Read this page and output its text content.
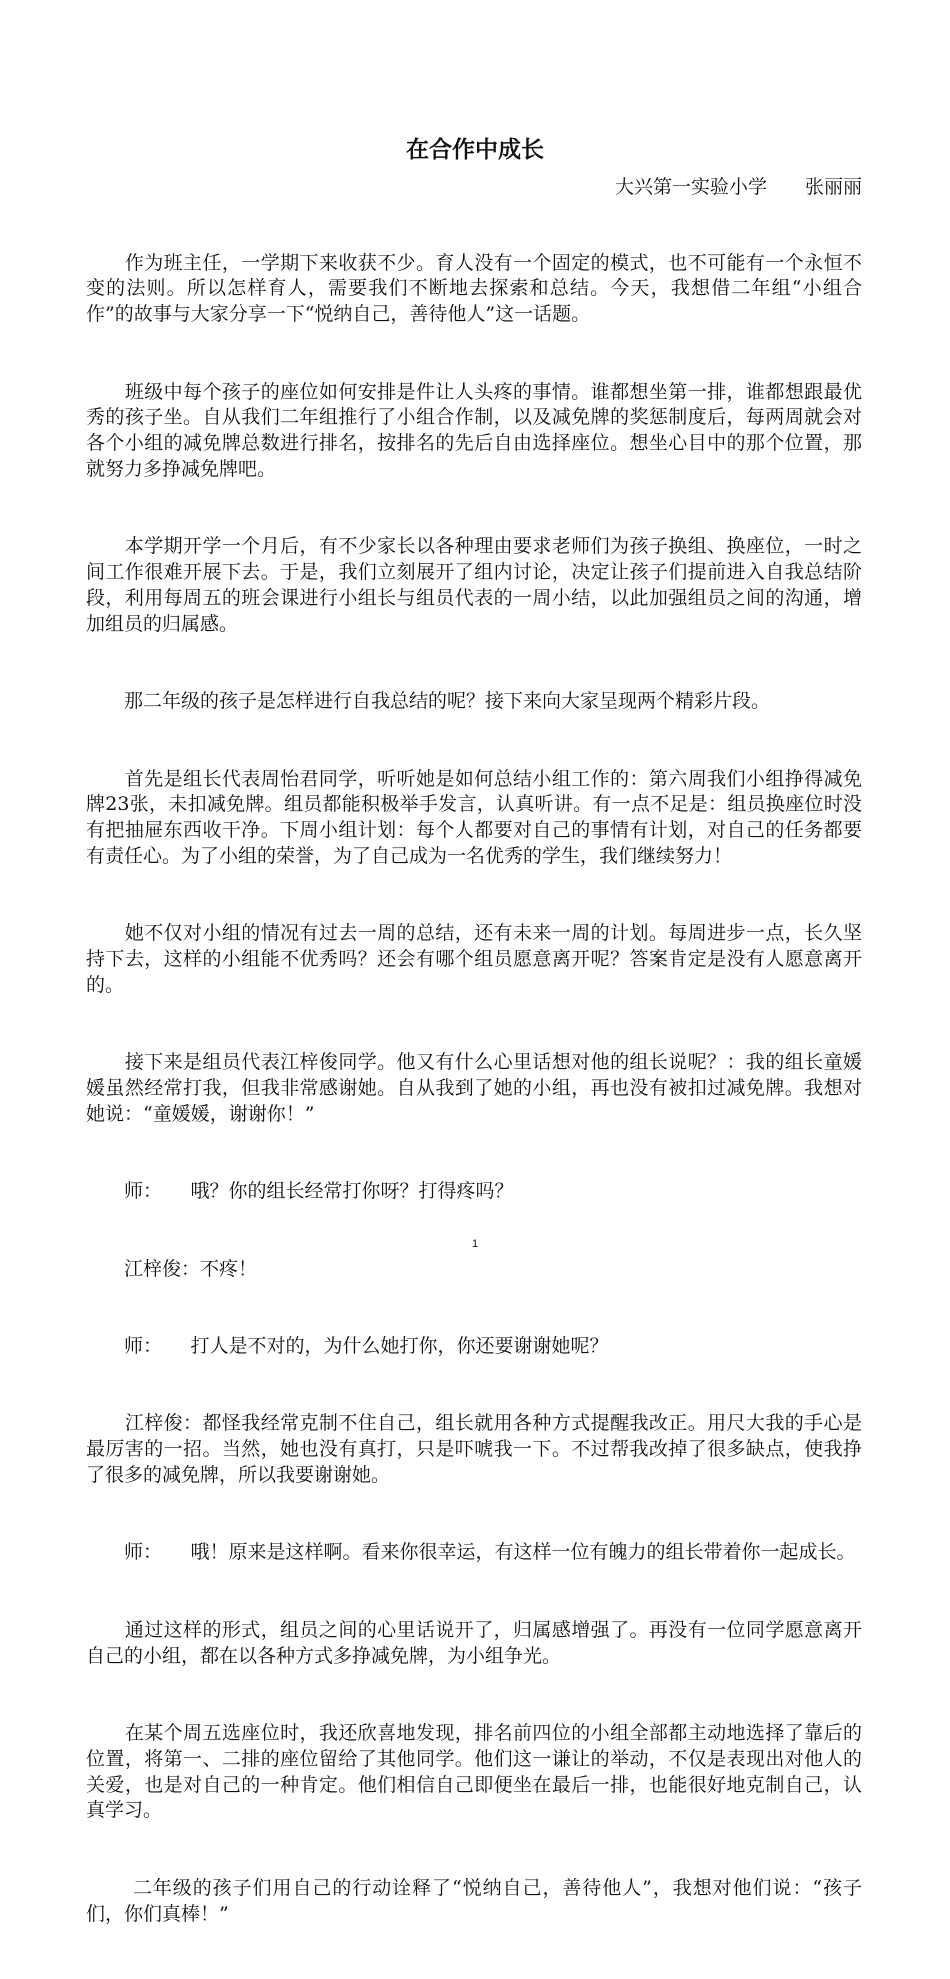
在合作中成长
大兴第一实验小学　　张丽丽

　　作为班主任，一学期下来收获不少。育人没有一个固定的模式，也不可能有一个永恒不变的法则。所以怎样育人，需要我们不断地去探索和总结。今天，我想借二年组“小组合作”的故事与大家分享一下“悦纳自己，善待他人”这一话题。

　　班级中每个孩子的座位如何安排是件让人头疼的事情。谁都想坐第一排，谁都想跟最优秀的孩子坐。自从我们二年组推行了小组合作制，以及减免牌的奖惩制度后，每两周就会对各个小组的减免牌总数进行排名，按排名的先后自由选择座位。想坐心目中的那个位置，那就努力多挣减免牌吧。

　　本学期开学一个月后，有不少家长以各种理由要求老师们为孩子换组、换座位，一时之间工作很难开展下去。于是，我们立刻展开了组内讨论，决定让孩子们提前进入自我总结阶段，利用每周五的班会课进行小组长与组员代表的一周小结，以此加强组员之间的沟通，增加组员的归属感。

　　那二年级的孩子是怎样进行自我总结的呢？接下来向大家呈现两个精彩片段。

　　首先是组长代表周怡君同学，听听她是如何总结小组工作的：第六周我们小组挣得减免牌23张，未扣减免牌。组员都能积极举手发言，认真听讲。有一点不足是：组员换座位时没有把抽屉东西收干净。下周小组计划：每个人都要对自己的事情有计划，对自己的任务都要有责任心。为了小组的荣誉，为了自己成为一名优秀的学生，我们继续努力！

　　她不仅对小组的情况有过去一周的总结，还有未来一周的计划。每周进步一点，长久坚持下去，这样的小组能不优秀吗？还会有哪个组员愿意离开呢？答案肯定是没有人愿意离开的。

　　接下来是组员代表江梓俊同学。他又有什么心里话想对他的组长说呢？：我的组长童媛媛虽然经常打我，但我非常感谢她。自从我到了她的小组，再也没有被扣过减免牌。我想对她说：“童媛媛，谢谢你！”

　　师：　　哦？你的组长经常打你呀？打得疼吗？

　　江梓俊：不疼！

　　师：　　打人是不对的，为什么她打你，你还要谢谢她呢？

　　江梓俊：都怪我经常克制不住自己，组长就用各种方式提醒我改正。用尺大我的手心是最厉害的一招。当然，她也没有真打，只是吓唬我一下。不过帮我改掉了很多缺点，使我挣了很多的减免牌，所以我要谢谢她。

　　师：　　哦！原来是这样啊。看来你很幸运，有这样一位有魄力的组长带着你一起成长。

　　通过这样的形式，组员之间的心里话说开了，归属感增强了。再没有一位同学愿意离开自己的小组，都在以各种方式多挣减免牌，为小组争光。

　　在某个周五选座位时，我还欣喜地发现，排名前四位的小组全部都主动地选择了靠后的位置，将第一、二排的座位留给了其他同学。他们这一谦让的举动，不仅是表现出对他人的关爱，也是对自己的一种肯定。他们相信自己即便坐在最后一排，也能很好地克制自己，认真学习。

　　 二年级的孩子们用自己的行动诠释了“悦纳自己，善待他人”，我想对他们说：“孩子们，你们真棒！”

1
